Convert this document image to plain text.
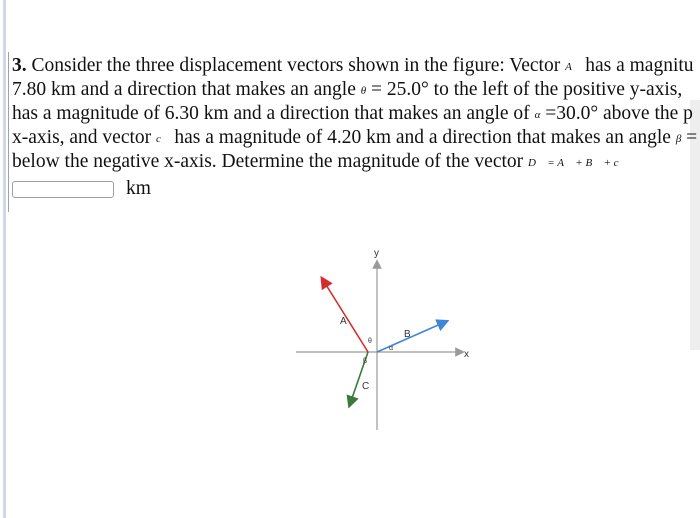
3. Consider the three displacement vectors shown in the figure: Vector A⃗ has a magnitu
7.80 km and a direction that makes an angle θ = 25.0° to the left of the positive y-axis,
has a magnitude of 6.30 km and a direction that makes an angle of α =30.0° above the p
x-axis, and vector c⃗ has a magnitude of 4.20 km and a direction that makes an angle β =
below the negative x-axis. Determine the magnitude of the vector D⃗ = A⃗ + B⃗ + c⃗
km
y
x
A
B
C
θ
α
β
